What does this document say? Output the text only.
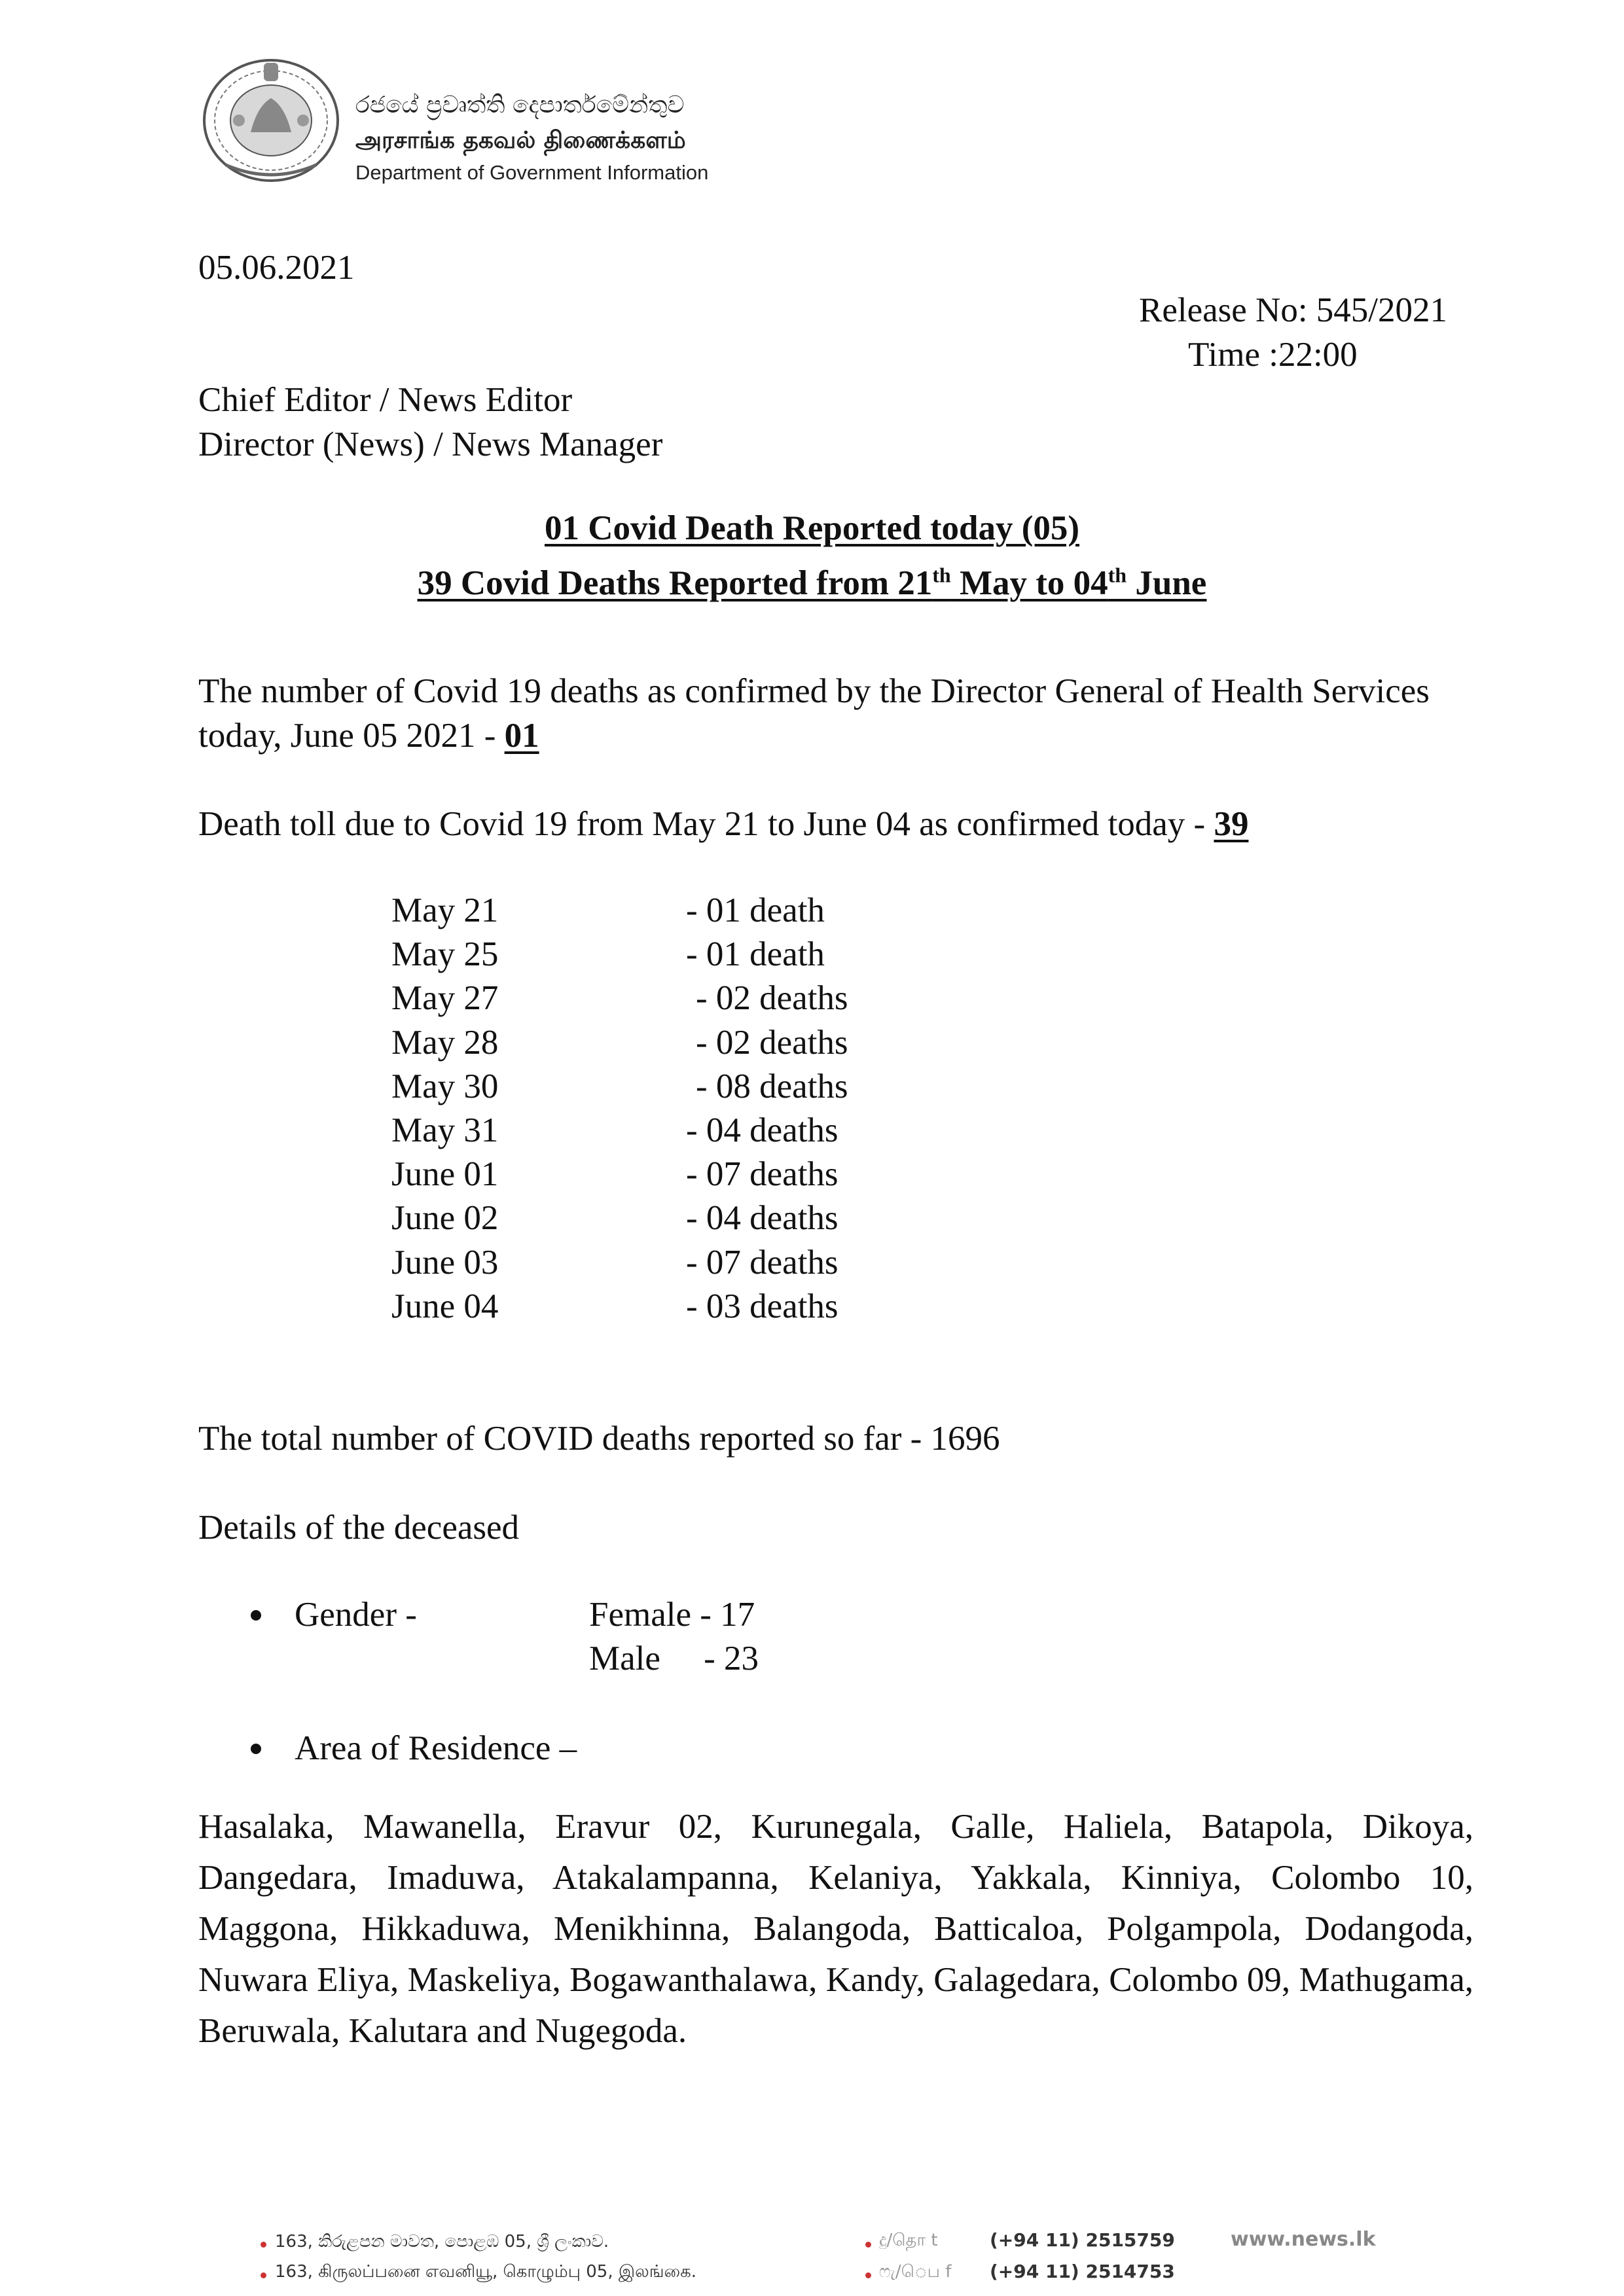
රජයේ ප්‍රවෘත්ති දෙපාර්තමේන්තුව
அரசாங்க தகவல் திணைக்களம்
Department of Government Information
05.06.2021
Release No: 545/2021
Time :22:00
Chief Editor / News Editor
Director (News) / News Manager
01 Covid Death Reported today (05)
39 Covid Deaths Reported from 21th May to 04th June
The number of Covid 19 deaths as confirmed by the Director General of Health Services today, June 05 2021 - 01
Death toll due to Covid 19 from May 21 to June 04 as confirmed today - 39
May 21	- 01 death
May 25	- 01 death
May 27	- 02 deaths
May 28	- 02 deaths
May 30	- 08 deaths
May 31	- 04 deaths
June 01	- 07 deaths
June 02	- 04 deaths
June 03	- 07 deaths
June 04	- 03 deaths
The total number of COVID deaths reported so far - 1696
Details of the deceased
Gender -	Female - 17
Male     - 23
Area of Residence –
Hasalaka, Mawanella, Eravur 02, Kurunegala, Galle, Haliela, Batapola, Dikoya, Dangedara, Imaduwa, Atakalampanna, Kelaniya, Yakkala, Kinniya, Colombo 10, Maggona, Hikkaduwa, Menikhinna, Balangoda, Batticaloa, Polgampola, Dodangoda, Nuwara Eliya, Maskeliya, Bogawanthalawa, Kandy, Galagedara, Colombo 09, Mathugama, Beruwala, Kalutara and Nugegoda.
163, කිරුළපන මාවත, පොළඹ 05, ශ්‍රී ලංකාව.
163, கிருலப்பனை எவனியூ, கொழும்பு 05, இலங்கை.
දු/தொ t
ෆැ/ெப f
(+94 11) 2515759
(+94 11) 2514753
www.news.lk
